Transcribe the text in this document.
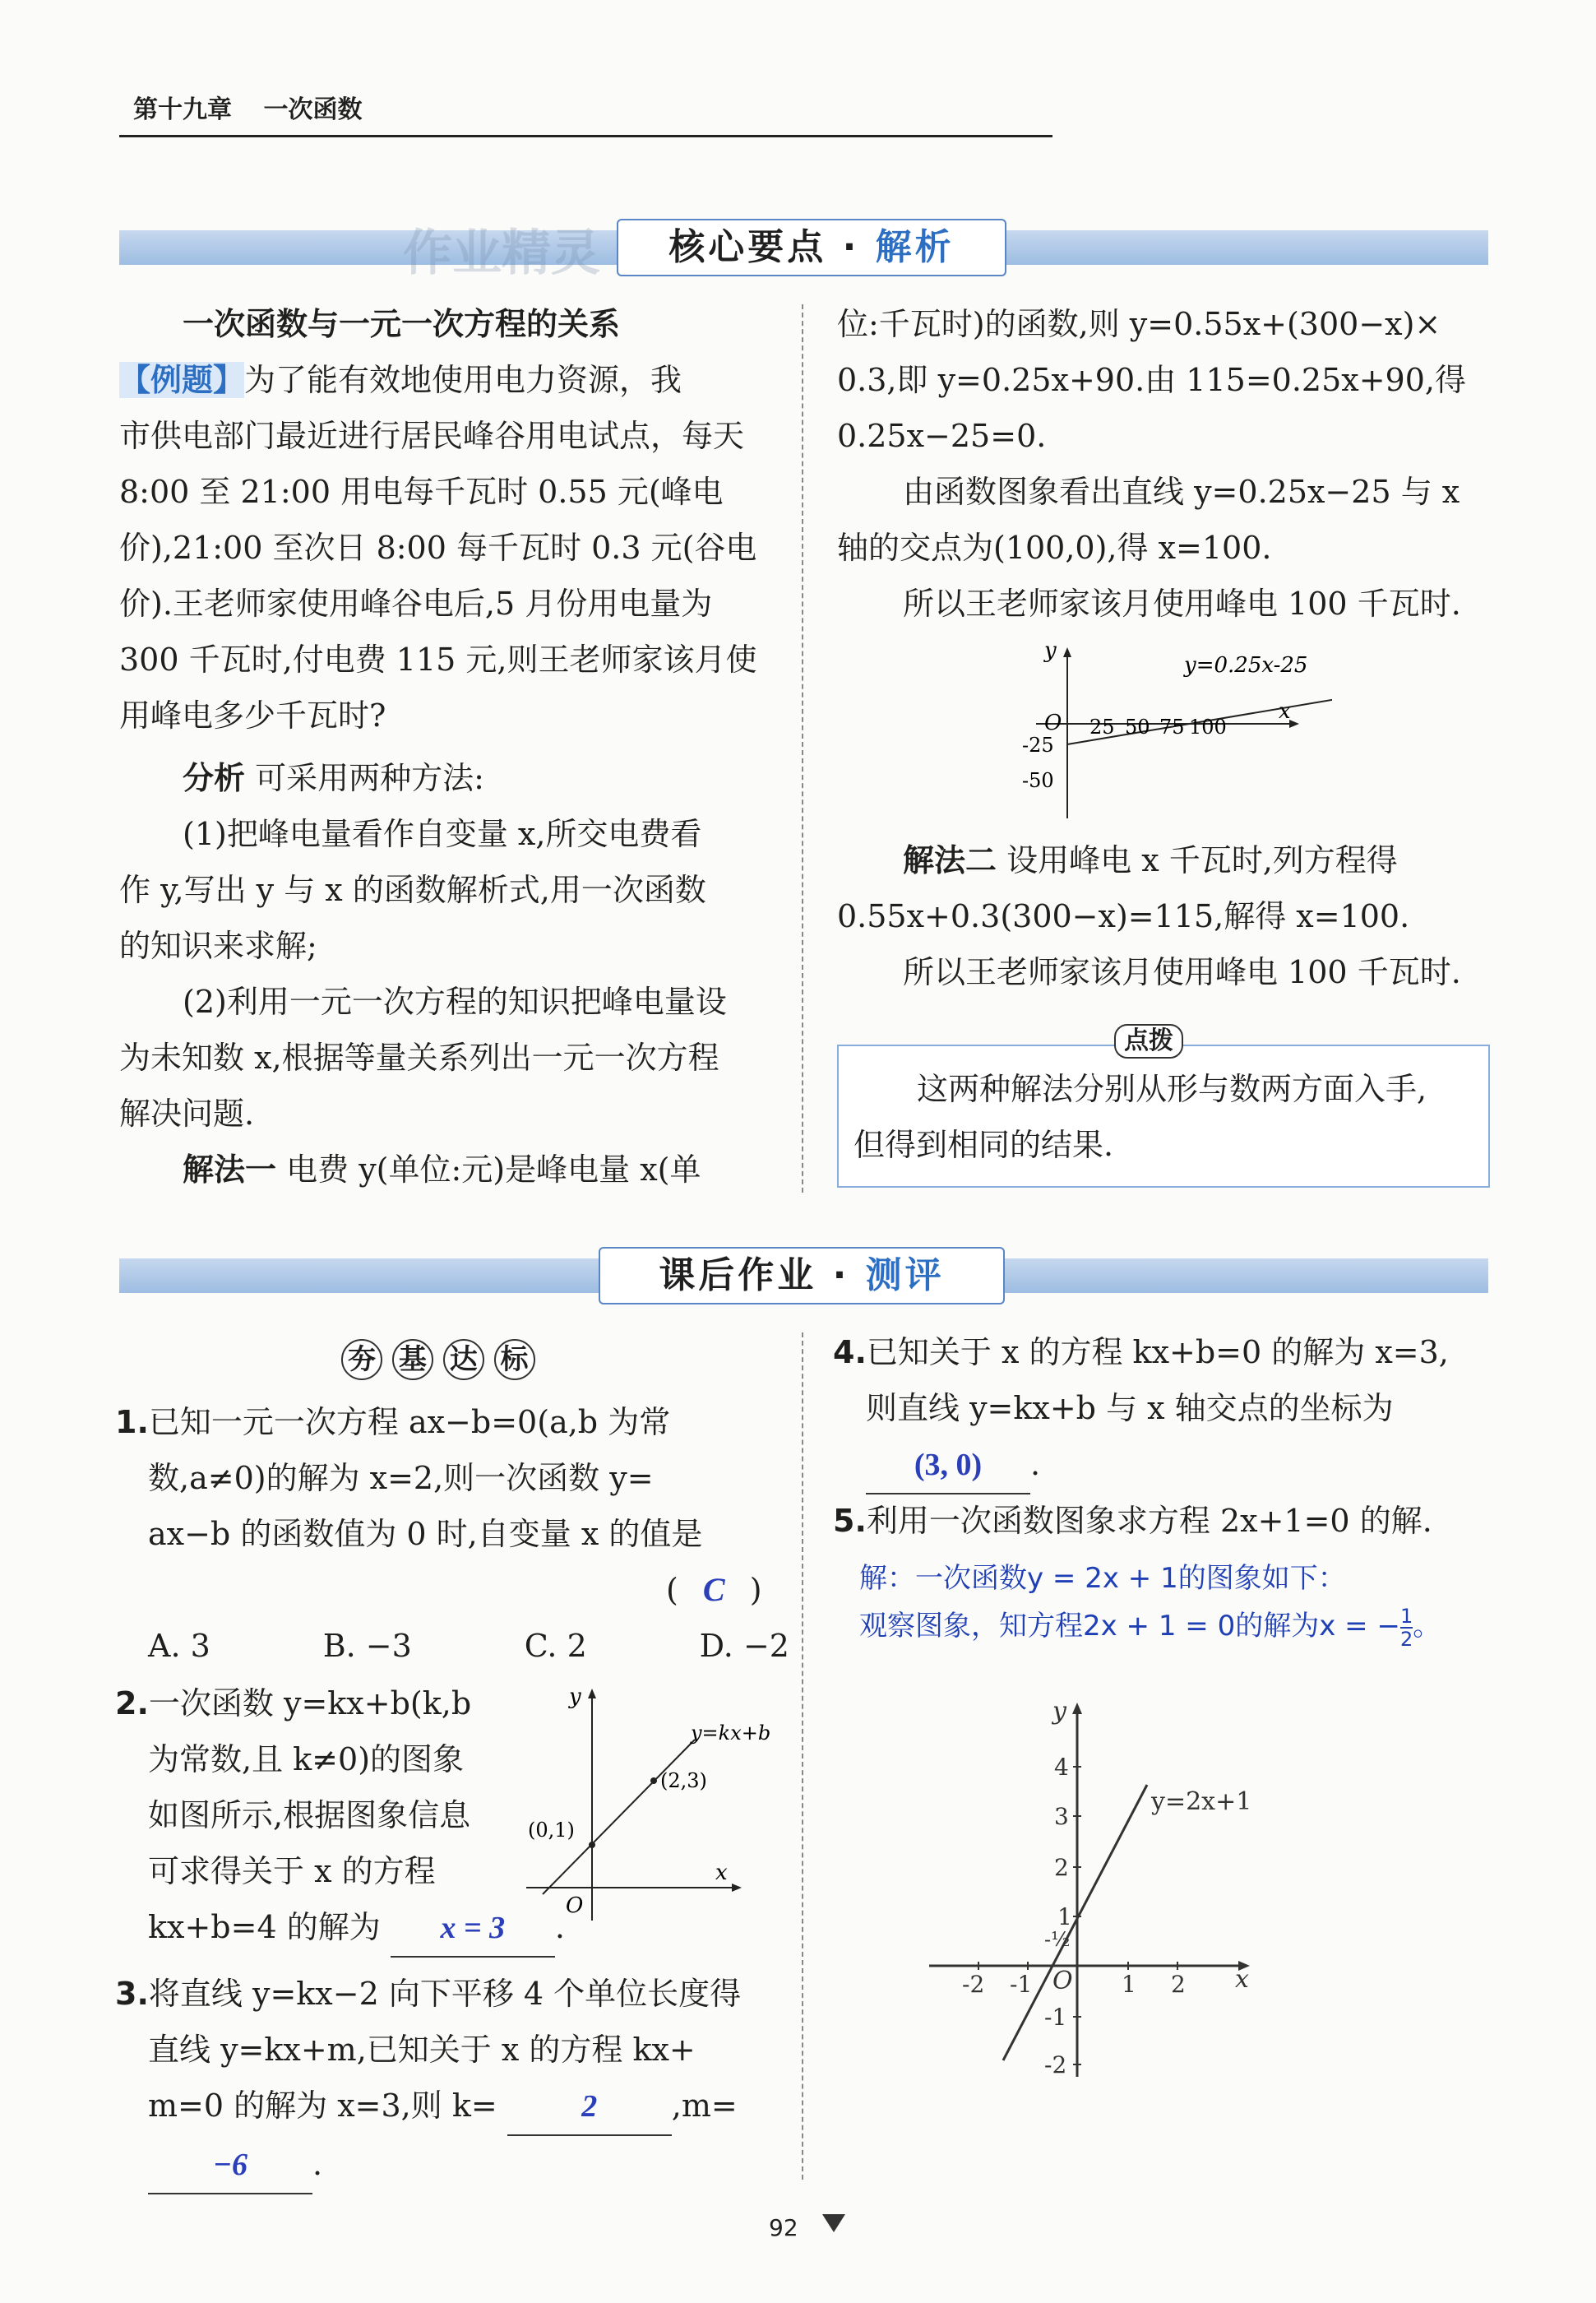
第十九章 一次函数
作业精灵	核心要点 · 解析
一次函数与一元一次方程的关系
【例题】为了能有效地使用电力资源，我
市供电部门最近进行居民峰谷用电试点，每天
8:00 至 21:00 用电每千瓦时 0.55 元(峰电
价),21:00 至次日 8:00 每千瓦时 0.3 元(谷电
价).王老师家使用峰谷电后,5 月份用电量为
300 千瓦时,付电费 115 元,则王老师家该月使
用峰电多少千瓦时?
分析 可采用两种方法:
(1)把峰电量看作自变量 x,所交电费看
作 y,写出 y 与 x 的函数解析式,用一次函数
的知识来求解;
(2)利用一元一次方程的知识把峰电量设
为未知数 x,根据等量关系列出一元一次方程
解决问题.
解法一 电费 y(单位:元)是峰电量 x(单
位:千瓦时)的函数,则 y=0.55x+(300−x)×
0.3,即 y=0.25x+90.由 115=0.25x+90,得
0.25x−25=0.
由函数图象看出直线 y=0.25x−25 与 x
轴的交点为(100,0),得 x=100.
所以王老师家该月使用峰电 100 千瓦时.
y
x
O
y=0.25x-25
25 50 75 100
-25
-50
解法二 设用峰电 x 千瓦时,列方程得
0.55x+0.3(300−x)=115,解得 x=100.
所以王老师家该月使用峰电 100 千瓦时.
点拨
这两种解法分别从形与数两方面入手,
但得到相同的结果.
课后作业 · 测评
夯 基 达 标
1.已知一元一次方程 ax−b=0(a,b 为常
数,a≠0)的解为 x=2,则一次函数 y=
ax−b 的函数值为 0 时,自变量 x 的值是
( C )
A. 3	B. −3	C. 2	D. −2
2.一次函数 y=kx+b(k,b
为常数,且 k≠0)的图象
如图所示,根据图象信息
可求得关于 x 的方程
kx+b=4 的解为 x = 3 .
y
x
O
(0,1)
(2,3)
y=kx+b
3.将直线 y=kx−2 向下平移 4 个单位长度得
直线 y=kx+m,已知关于 x 的方程 kx+
m=0 的解为 x=3,则 k=	2 ,m=
−6 .
4.已知关于 x 的方程 kx+b=0 的解为 x=3,
则直线 y=kx+b 与 x 轴交点的坐标为
(3, 0) .
5.利用一次函数图象求方程 2x+1=0 的解.
解：一次函数y = 2x + 1的图象如下：
观察图象，知方程2x + 1 = 0的解为x = − $\frac{1}{2}$ 。
y
x
O
y=2x+1
4
3
2
1
-1
-2
-2 -1	1 2
-½
92
